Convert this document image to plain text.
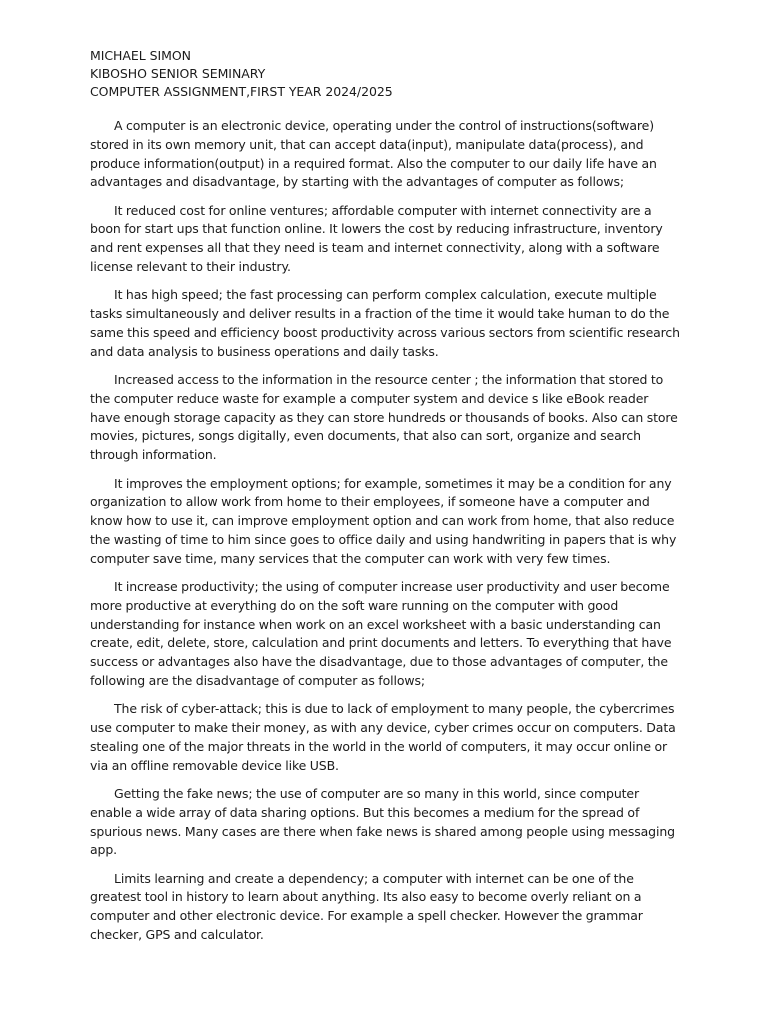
MICHAEL SIMON
KIBOSHO SENIOR SEMINARY
COMPUTER ASSIGNMENT,FIRST YEAR 2024/2025

A computer is an electronic device, operating under the control of instructions(software) stored in its own memory unit, that can accept data(input), manipulate data(process), and produce information(output) in a required format. Also the computer to our daily life have an advantages and disadvantage, by starting with the advantages of computer as follows;

It reduced cost for online ventures; affordable computer with internet connectivity are a boon for start ups that function online. It lowers the cost by reducing infrastructure, inventory and rent expenses all that they need is team and internet connectivity, along with a software license relevant to their industry.

It has high speed; the fast processing can perform complex calculation, execute multiple tasks simultaneously and deliver results in a fraction of the time it would take human to do the same this speed and efficiency boost productivity across various sectors from scientific research and data analysis to business operations and daily tasks.

Increased access to the information in the resource center ; the information that stored to the computer reduce waste for example a computer system and device s like eBook reader have enough storage capacity as they can store hundreds or thousands of books. Also can store movies, pictures, songs digitally, even documents, that also can sort, organize and search through information.

It improves the employment options; for example, sometimes it may be a condition for any organization to allow work from home to their employees, if someone have a computer and know how to use it, can improve employment option and can work from home, that also reduce the wasting of time to him since goes to office daily and using handwriting in papers that is why computer save time, many services that the computer can work with very few times.

It increase productivity; the using of computer increase user productivity and user become more productive at everything do on the soft ware running on the computer with good understanding for instance when work on an excel worksheet with a basic understanding can create, edit, delete, store, calculation and print documents and letters. To everything that have success or advantages also have the disadvantage, due to those advantages of computer, the following are the disadvantage of computer as follows;

The risk of cyber-attack; this is due to lack of employment to many people, the cybercrimes use computer to make their money, as with any device, cyber crimes occur on computers. Data stealing one of the major threats in the world in the world of computers, it may occur online or via an offline removable device like USB.

Getting the fake news; the use of computer are so many in this world, since computer enable a wide array of data sharing options. But this becomes a medium for the spread of spurious news. Many cases are there when fake news is shared among people using messaging app.

Limits learning and create a dependency; a computer with internet can be one of the greatest tool in history to learn about anything. Its also easy to become overly reliant on a computer and other electronic device. For example a spell checker. However the grammar checker, GPS and calculator.
